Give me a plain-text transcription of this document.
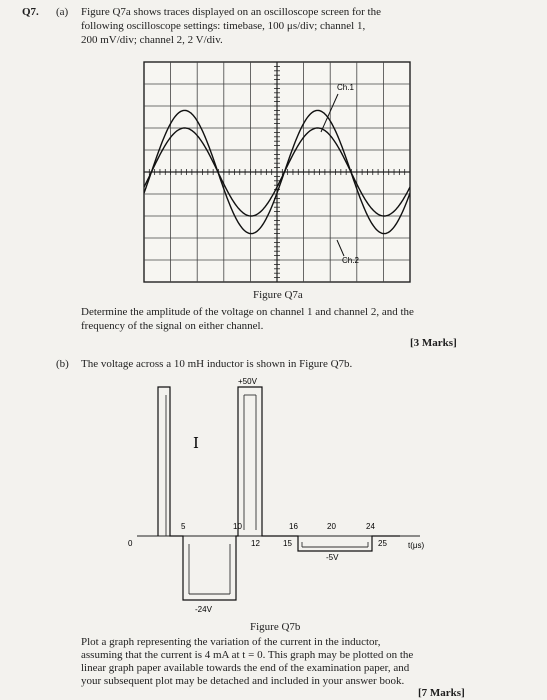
Q7. (a) Figure Q7a shows traces displayed on an oscilloscope screen for the
following oscilloscope settings: timebase, 100 μs/div; channel 1,
200 mV/div; channel 2, 2 V/div.
Ch.1
Ch.2
Figure Q7a
Determine the amplitude of the voltage on channel 1 and channel 2, and the
frequency of the signal on either channel.
[3 Marks]
(b) The voltage across a 10 mH inductor is shown in Figure Q7b.
+50V
-24V
-5V
t(μs)
0
5	10
12	15
16	20	24
25
I
Figure Q7b
Plot a graph representing the variation of the current in the inductor,
assuming that the current is 4 mA at t = 0. This graph may be plotted on the
linear graph paper available towards the end of the examination paper, and
your subsequent plot may be detached and included in your answer book.
[7 Marks]
